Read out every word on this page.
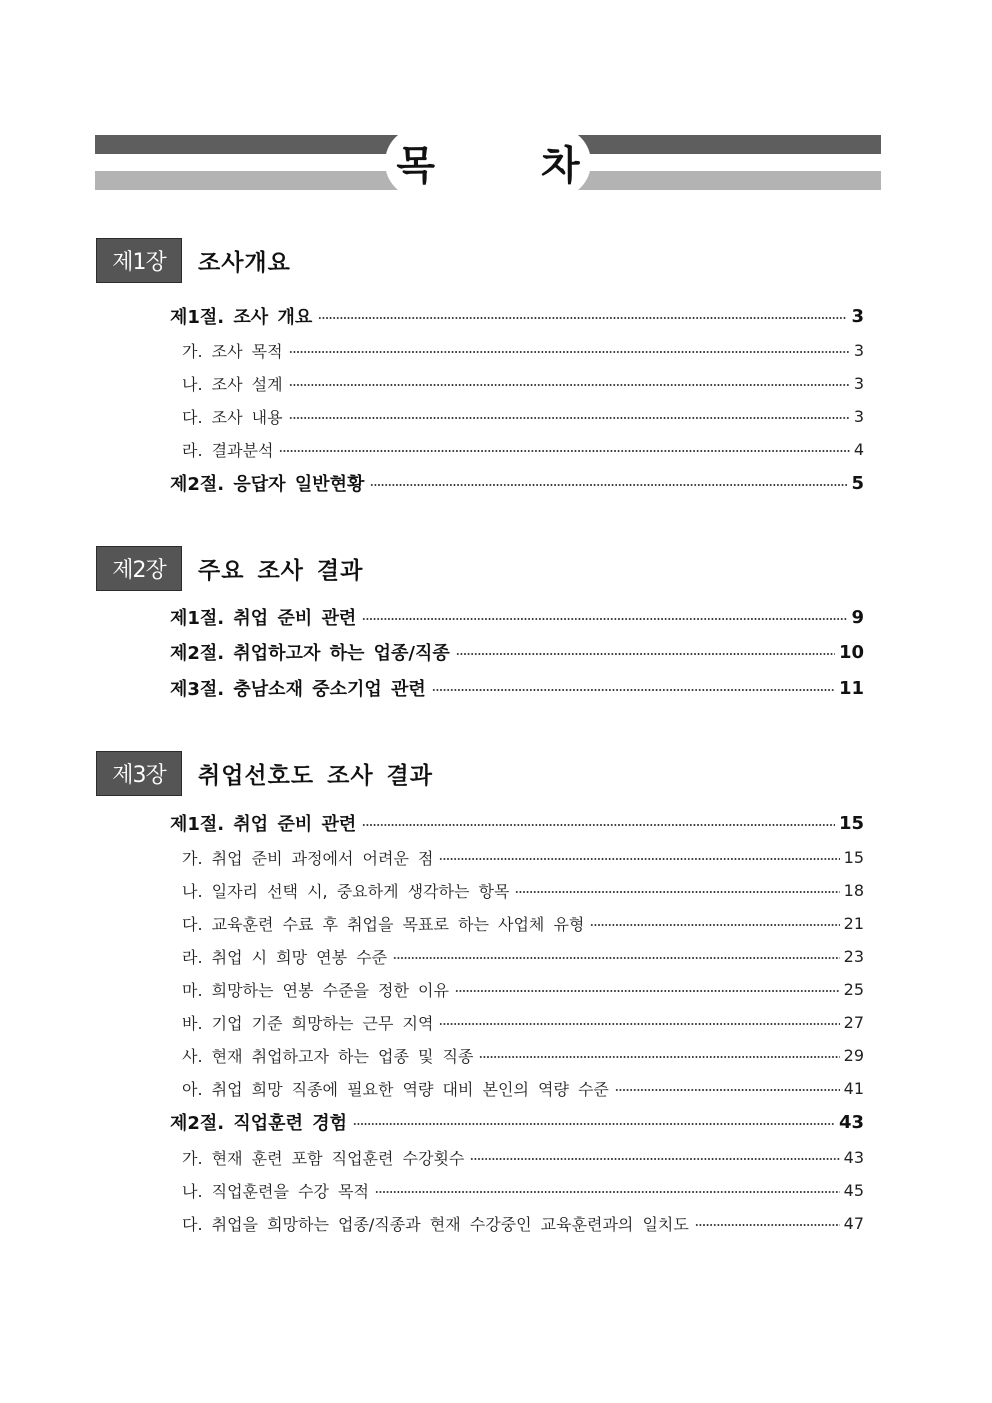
목 차
제1장	조사개요
제1절. 조사 개요	3
가. 조사 목적	3
나. 조사 설계	3
다. 조사 내용	3
라. 결과분석	4
제2절. 응답자 일반현황	5
제2장	주요 조사 결과
제1절. 취업 준비 관련	9
제2절. 취업하고자 하는 업종/직종	10
제3절. 충남소재 중소기업 관련	11
제3장	취업선호도 조사 결과
제1절. 취업 준비 관련	15
가. 취업 준비 과정에서 어려운 점	15
나. 일자리 선택 시, 중요하게 생각하는 항목	18
다. 교육훈련 수료 후 취업을 목표로 하는 사업체 유형	21
라. 취업 시 희망 연봉 수준	23
마. 희망하는 연봉 수준을 정한 이유	25
바. 기업 기준 희망하는 근무 지역	27
사. 현재 취업하고자 하는 업종 및 직종	29
아. 취업 희망 직종에 필요한 역량 대비 본인의 역량 수준	41
제2절. 직업훈련 경험	43
가. 현재 훈련 포함 직업훈련 수강횟수	43
나. 직업훈련을 수강 목적	45
다. 취업을 희망하는 업종/직종과 현재 수강중인 교육훈련과의 일치도	47
